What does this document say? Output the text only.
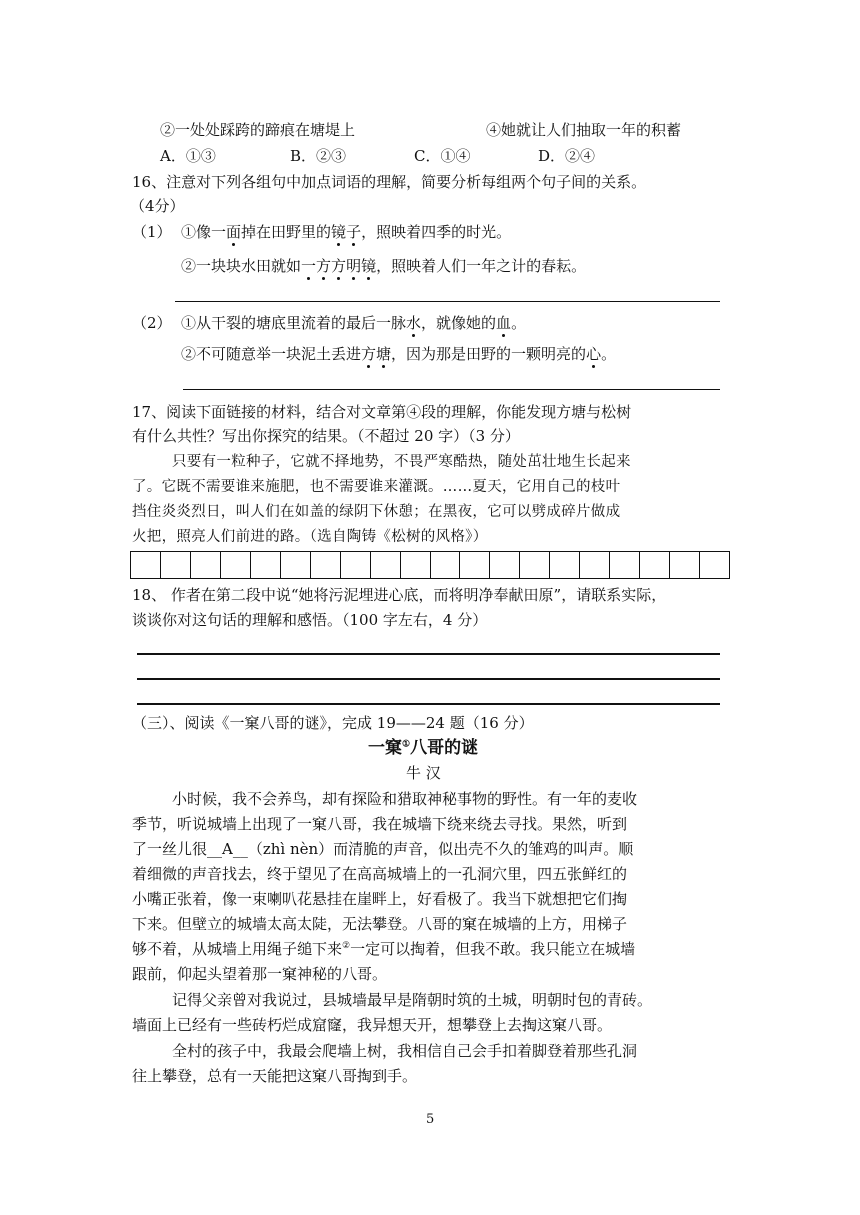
②一处处踩跨的蹄痕在塘堤上	④她就让人们抽取一年的积蓄
A．①③	B．②③	C．①④	D．②④
16、注意对下列各组句中加点词语的理解，简要分析每组两个句子间的关系。
（4分）
（1） ①像一面掉在田野里的镜子，照映着四季的时光。
②一块块水田就如一方方明镜，照映着人们一年之计的春耘。
（2） ①从干裂的塘底里流着的最后一脉水，就像她的血。
②不可随意举一块泥土丢进方塘，因为那是田野的一颗明亮的心。
17、阅读下面链接的材料，结合对文章第④段的理解，你能发现方塘与松树
有什么共性？写出你探究的结果。（不超过 20 字）（3 分）
只要有一粒种子，它就不择地势，不畏严寒酷热，随处茁壮地生长起来
了。它既不需要谁来施肥，也不需要谁来灌溉。……夏天，它用自己的枝叶
挡住炎炎烈日，叫人们在如盖的绿阴下休憩；在黑夜，它可以劈成碎片做成
火把，照亮人们前进的路。（选自陶铸《松树的风格》）
18、 作者在第二段中说“她将污泥埋进心底，而将明净奉献田原”，请联系实际，
谈谈你对这句话的理解和感悟。（100 字左右，4 分）
（三）、阅读《一窠八哥的谜》，完成 19——24 题（16 分）
一窠①八哥的谜
牛 汉
小时候，我不会养鸟，却有探险和猎取神秘事物的野性。有一年的麦收
季节，听说城墙上出现了一窠八哥，我在城墙下绕来绕去寻找。果然，听到
了一丝儿很__A__（zhì nèn）而清脆的声音，似出壳不久的雏鸡的叫声。顺
着细微的声音找去，终于望见了在高高城墙上的一孔洞穴里，四五张鲜红的
小嘴正张着，像一束喇叭花悬挂在崖畔上，好看极了。我当下就想把它们掏
下来。但壁立的城墙太高太陡，无法攀登。八哥的窠在城墙的上方，用梯子
够不着，从城墙上用绳子缒下来②一定可以掏着，但我不敢。我只能立在城墙
跟前，仰起头望着那一窠神秘的八哥。
记得父亲曾对我说过，县城墙最早是隋朝时筑的土城，明朝时包的青砖。
墙面上已经有一些砖朽烂成窟窿，我异想天开，想攀登上去掏这窠八哥。
全村的孩子中，我最会爬墙上树，我相信自己会手扣着脚登着那些孔洞
往上攀登，总有一天能把这窠八哥掏到手。
5
